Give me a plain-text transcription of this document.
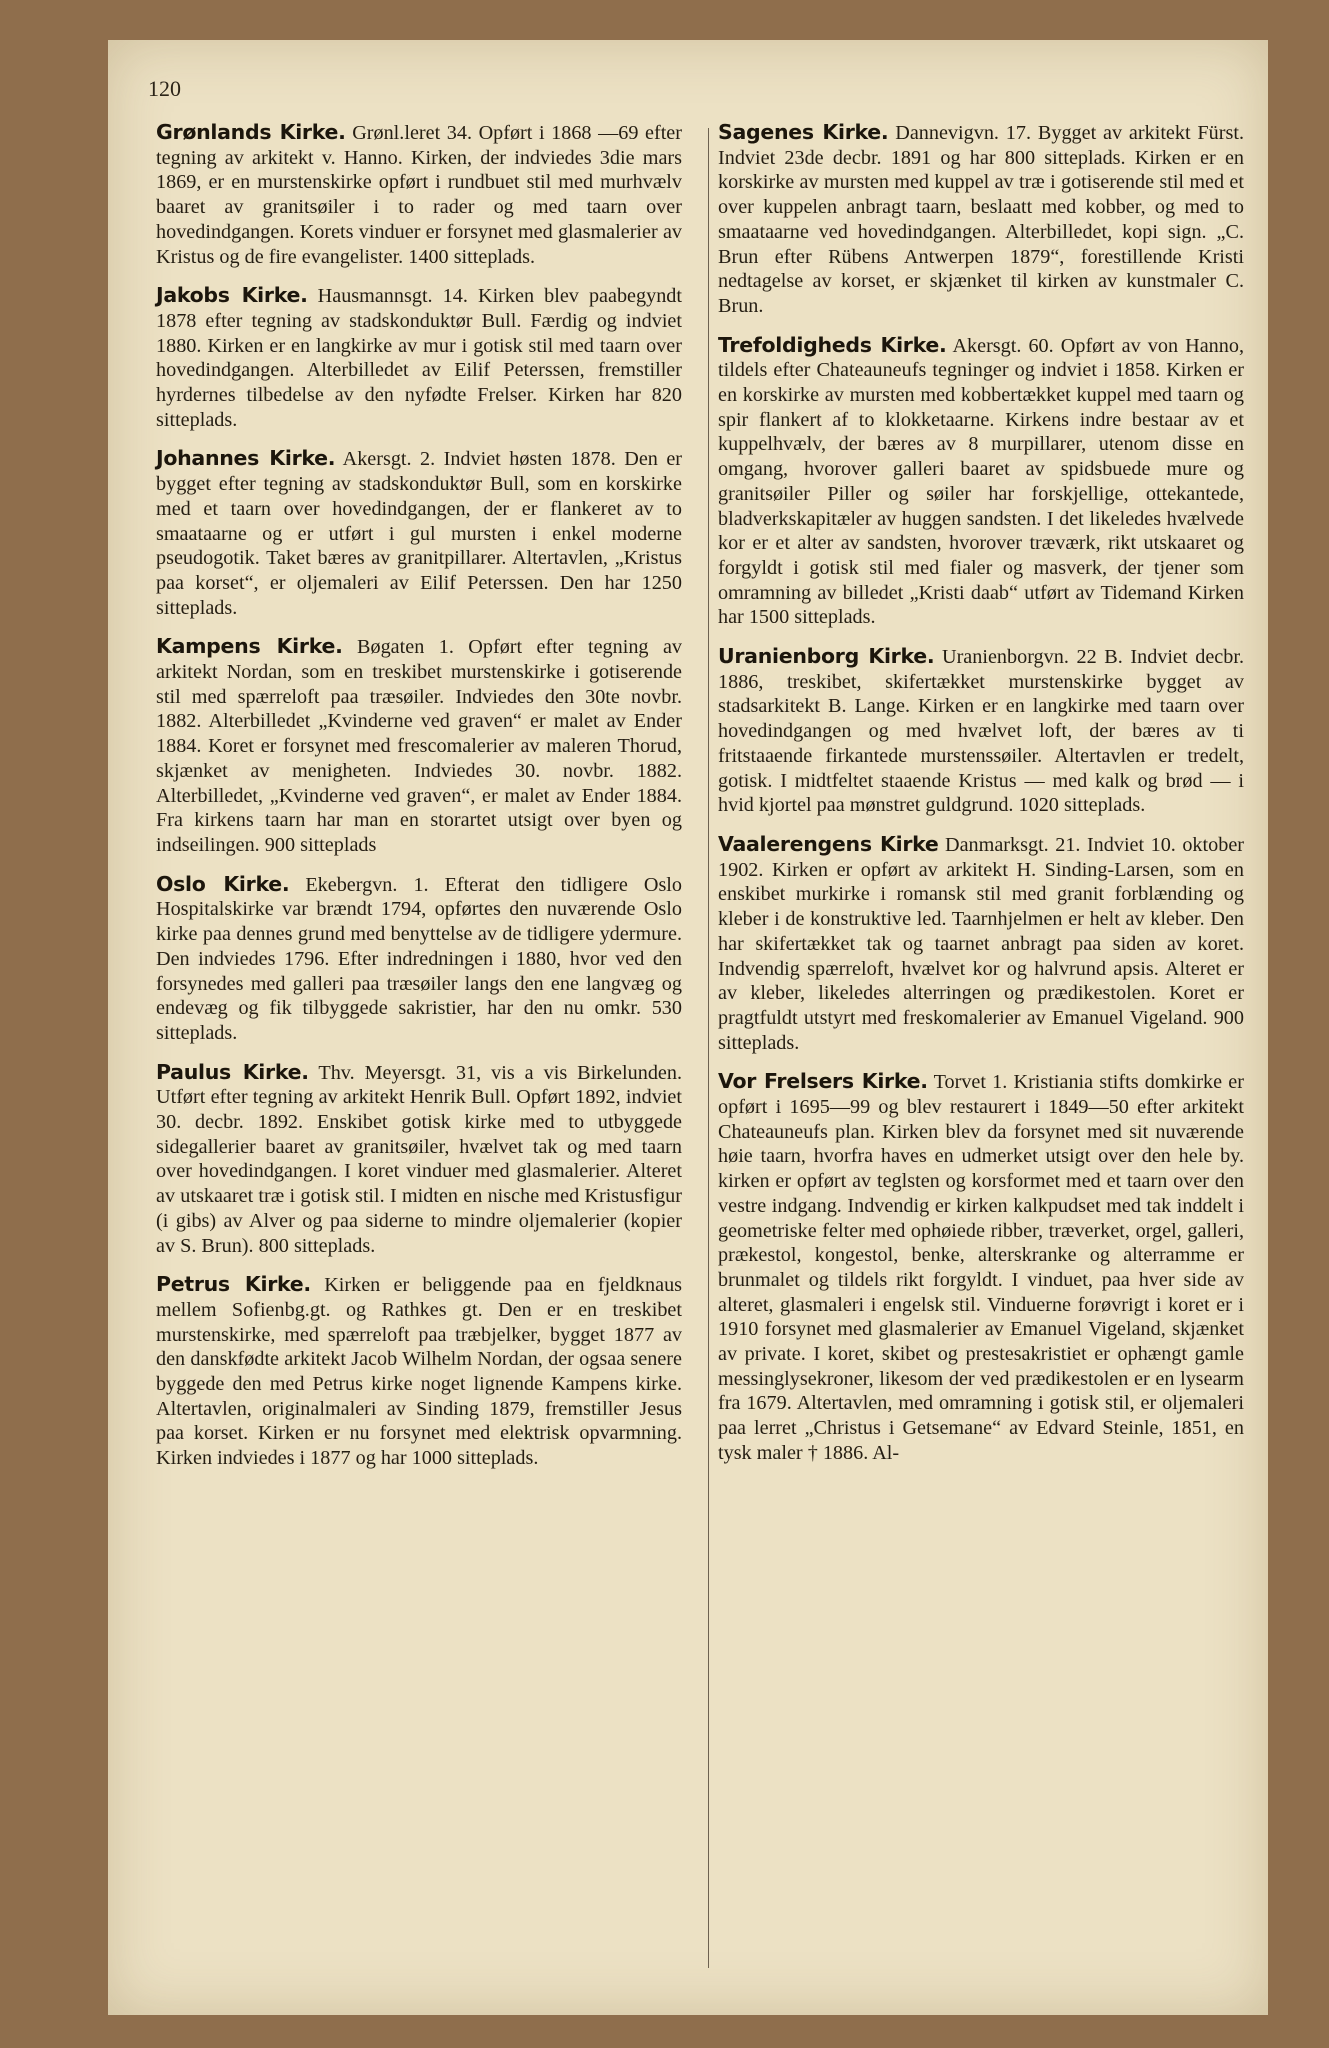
120

Grønlands Kirke. Grønl.leret 34. Opført i 1868 —69 efter tegning av arkitekt v. Hanno. Kirken, der indviedes 3die mars 1869, er en murstenskirke opført i rundbuet stil med murhvælv baaret av granitsøiler i to rader og med taarn over hovedindgangen. Korets vinduer er forsynet med glasmalerier av Kristus og de fire evangelister. 1400 sitteplads.

Jakobs Kirke. Hausmannsgt. 14. Kirken blev paabegyndt 1878 efter tegning av stadskonduktør Bull. Færdig og indviet 1880. Kirken er en langkirke av mur i gotisk stil med taarn over hovedindgangen. Alterbilledet av Eilif Peterssen, fremstiller hyrdernes tilbedelse av den nyfødte Frelser. Kirken har 820 sitteplads.

Johannes Kirke. Akersgt. 2. Indviet høsten 1878. Den er bygget efter tegning av stadskonduktør Bull, som en korskirke med et taarn over hovedindgangen, der er flankeret av to smaataarne og er utført i gul mursten i enkel moderne pseudogotik. Taket bæres av granitpillarer. Altertavlen, „Kristus paa korset“, er oljemaleri av Eilif Peterssen. Den har 1250 sitteplads.

Kampens Kirke. Bøgaten 1. Opført efter tegning av arkitekt Nordan, som en treskibet murstenskirke i gotiserende stil med spærreloft paa træsøiler. Indviedes den 30te novbr. 1882. Alterbilledet „Kvinderne ved graven“ er malet av Ender 1884. Koret er forsynet med frescomalerier av maleren Thorud, skjænket av menigheten. Indviedes 30. novbr. 1882. Alterbilledet, „Kvinderne ved graven“, er malet av Ender 1884. Fra kirkens taarn har man en storartet utsigt over byen og indseilingen. 900 sitteplads

Oslo Kirke. Ekebergvn. 1. Efterat den tidligere Oslo Hospitalskirke var brændt 1794, opførtes den nuværende Oslo kirke paa dennes grund med benyttelse av de tidligere ydermure. Den indviedes 1796. Efter indredningen i 1880, hvor ved den forsynedes med galleri paa træsøiler langs den ene langvæg og endevæg og fik tilbyggede sakristier, har den nu omkr. 530 sitteplads.

Paulus Kirke. Thv. Meyersgt. 31, vis a vis Birkelunden. Utført efter tegning av arkitekt Henrik Bull. Opført 1892, indviet 30. decbr. 1892. Enskibet gotisk kirke med to utbyggede sidegallerier baaret av granitsøiler, hvælvet tak og med taarn over hovedindgangen. I koret vinduer med glasmalerier. Alteret av utskaaret træ i gotisk stil. I midten en nische med Kristusfigur (i gibs) av Alver og paa siderne to mindre oljemalerier (kopier av S. Brun). 800 sitteplads.

Petrus Kirke. Kirken er beliggende paa en fjeldknaus mellem Sofienbg.gt. og Rathkes gt. Den er en treskibet murstenskirke, med spærreloft paa træbjelker, bygget 1877 av den danskfødte arkitekt Jacob Wilhelm Nordan, der ogsaa senere byggede den med Petrus kirke noget lignende Kampens kirke. Altertavlen, originalmaleri av Sinding 1879, fremstiller Jesus paa korset. Kirken er nu forsynet med elektrisk opvarmning. Kirken indviedes i 1877 og har 1000 sitteplads.

Sagenes Kirke. Dannevigvn. 17. Bygget av arkitekt Fürst. Indviet 23de decbr. 1891 og har 800 sitteplads. Kirken er en korskirke av mursten med kuppel av træ i gotiserende stil med et over kuppelen anbragt taarn, beslaatt med kobber, og med to smaataarne ved hovedindgangen. Alterbilledet, kopi sign. „C. Brun efter Rübens Antwerpen 1879“, forestillende Kristi nedtagelse av korset, er skjænket til kirken av kunstmaler C. Brun.

Trefoldigheds Kirke. Akersgt. 60. Opført av von Hanno, tildels efter Chateauneufs tegninger og indviet i 1858. Kirken er en korskirke av mursten med kobbertækket kuppel med taarn og spir flankert af to klokketaarne. Kirkens indre bestaar av et kuppelhvælv, der bæres av 8 murpillarer, utenom disse en omgang, hvorover galleri baaret av spidsbuede mure og granitsøiler Piller og søiler har forskjellige, ottekantede, bladverkskapitæler av huggen sandsten. I det likeledes hvælvede kor er et alter av sandsten, hvorover træværk, rikt utskaaret og forgyldt i gotisk stil med fialer og masverk, der tjener som omramning av billedet „Kristi daab“ utført av Tidemand Kirken har 1500 sitteplads.

Uranienborg Kirke. Uranienborgvn. 22 B. Indviet decbr. 1886, treskibet, skifertækket murstenskirke bygget av stadsarkitekt B. Lange. Kirken er en langkirke med taarn over hovedindgangen og med hvælvet loft, der bæres av ti fritstaaende firkantede murstenssøiler. Altertavlen er tredelt, gotisk. I midtfeltet staaende Kristus — med kalk og brød — i hvid kjortel paa mønstret guldgrund. 1020 sitteplads.

Vaalerengens Kirke Danmarksgt. 21. Indviet 10. oktober 1902. Kirken er opført av arkitekt H. Sinding-Larsen, som en enskibet murkirke i romansk stil med granit forblænding og kleber i de konstruktive led. Taarnhjelmen er helt av kleber. Den har skifertækket tak og taarnet anbragt paa siden av koret. Indvendig spærreloft, hvælvet kor og halvrund apsis. Alteret er av kleber, likeledes alterringen og prædikestolen. Koret er pragtfuldt utstyrt med freskomalerier av Emanuel Vigeland. 900 sitteplads.

Vor Frelsers Kirke. Torvet 1. Kristiania stifts domkirke er opført i 1695—99 og blev restaurert i 1849—50 efter arkitekt Chateauneufs plan. Kirken blev da forsynet med sit nuværende høie taarn, hvorfra haves en udmerket utsigt over den hele by. kirken er opført av teglsten og korsformet med et taarn over den vestre indgang. Indvendig er kirken kalkpudset med tak inddelt i geometriske felter med ophøiede ribber, træverket, orgel, galleri, prækestol, kongestol, benke, alterskranke og alterramme er brunmalet og tildels rikt forgyldt. I vinduet, paa hver side av alteret, glasmaleri i engelsk stil. Vinduerne forøvrigt i koret er i 1910 forsynet med glasmalerier av Emanuel Vigeland, skjænket av private. I koret, skibet og prestesakristiet er ophængt gamle messinglysekroner, likesom der ved prædikestolen er en lysearm fra 1679. Altertavlen, med omramning i gotisk stil, er oljemaleri paa lerret „Christus i Getsemane“ av Edvard Steinle, 1851, en tysk maler † 1886. Al-
